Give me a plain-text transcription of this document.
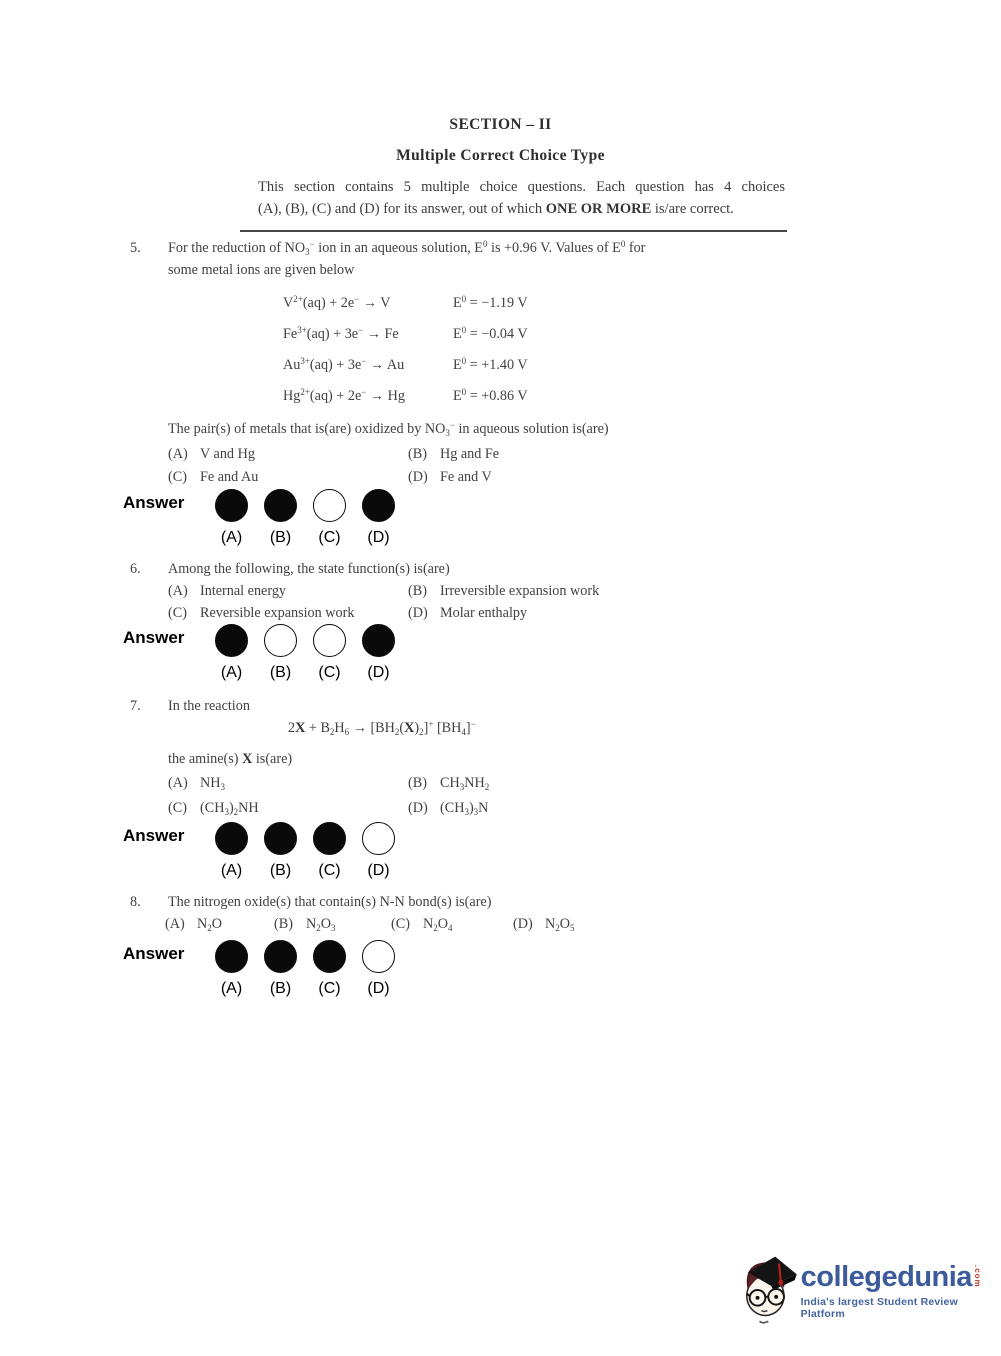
SECTION – II
Multiple Correct Choice Type
This section contains 5 multiple choice questions. Each question has 4 choices
(A), (B), (C) and (D) for its answer, out of which ONE OR MORE is/are correct.
5. For the reduction of $NO_3^-$ ion in an aqueous solution, $E^0$ is +0.96 V. Values of $E^0$ for
some metal ions are given below
$V^{2+}(aq) + 2e^- \to V$	$E^0 = -1.19$ V
$Fe^{3+}(aq) + 3e^- \to Fe$	$E^0 = -0.04$ V
$Au^{3+}(aq) + 3e^- \to Au$	$E^0 = +1.40$ V
$Hg^{2+}(aq) + 2e^- \to Hg$	$E^0 = +0.86$ V
The pair(s) of metals that is(are) oxidized by $NO_3^-$ in aqueous solution is(are)
(A) V and Hg	(B) Hg and Fe
(C) Fe and Au	(D) Fe and V
Answer
(A)	(B)	(C)	(D)
6. Among the following, the state function(s) is(are)
(A) Internal energy	(B) Irreversible expansion work
(C) Reversible expansion work	(D) Molar enthalpy
Answer
(A)	(B)	(C)	(D)
7. In the reaction
$2X + B_2H_6 \to [BH_2(X)_2]^+$ $[BH_4]^-$
the amine(s) X is(are)
(A) $NH_3$	(B) $CH_3NH_2$
(C) $(CH_3)_2NH$	(D) $(CH_3)_3N$
Answer
(A)	(B)	(C)	(D)
8. The nitrogen oxide(s) that contain(s) N-N bond(s) is(are)
(A) $N_2O$	(B) $N_2O_3$	(C) $N_2O_4$	(D) $N_2O_5$
Answer
(A)	(B)	(C)	(D)
collegedunia .com
India's largest Student Review Platform
